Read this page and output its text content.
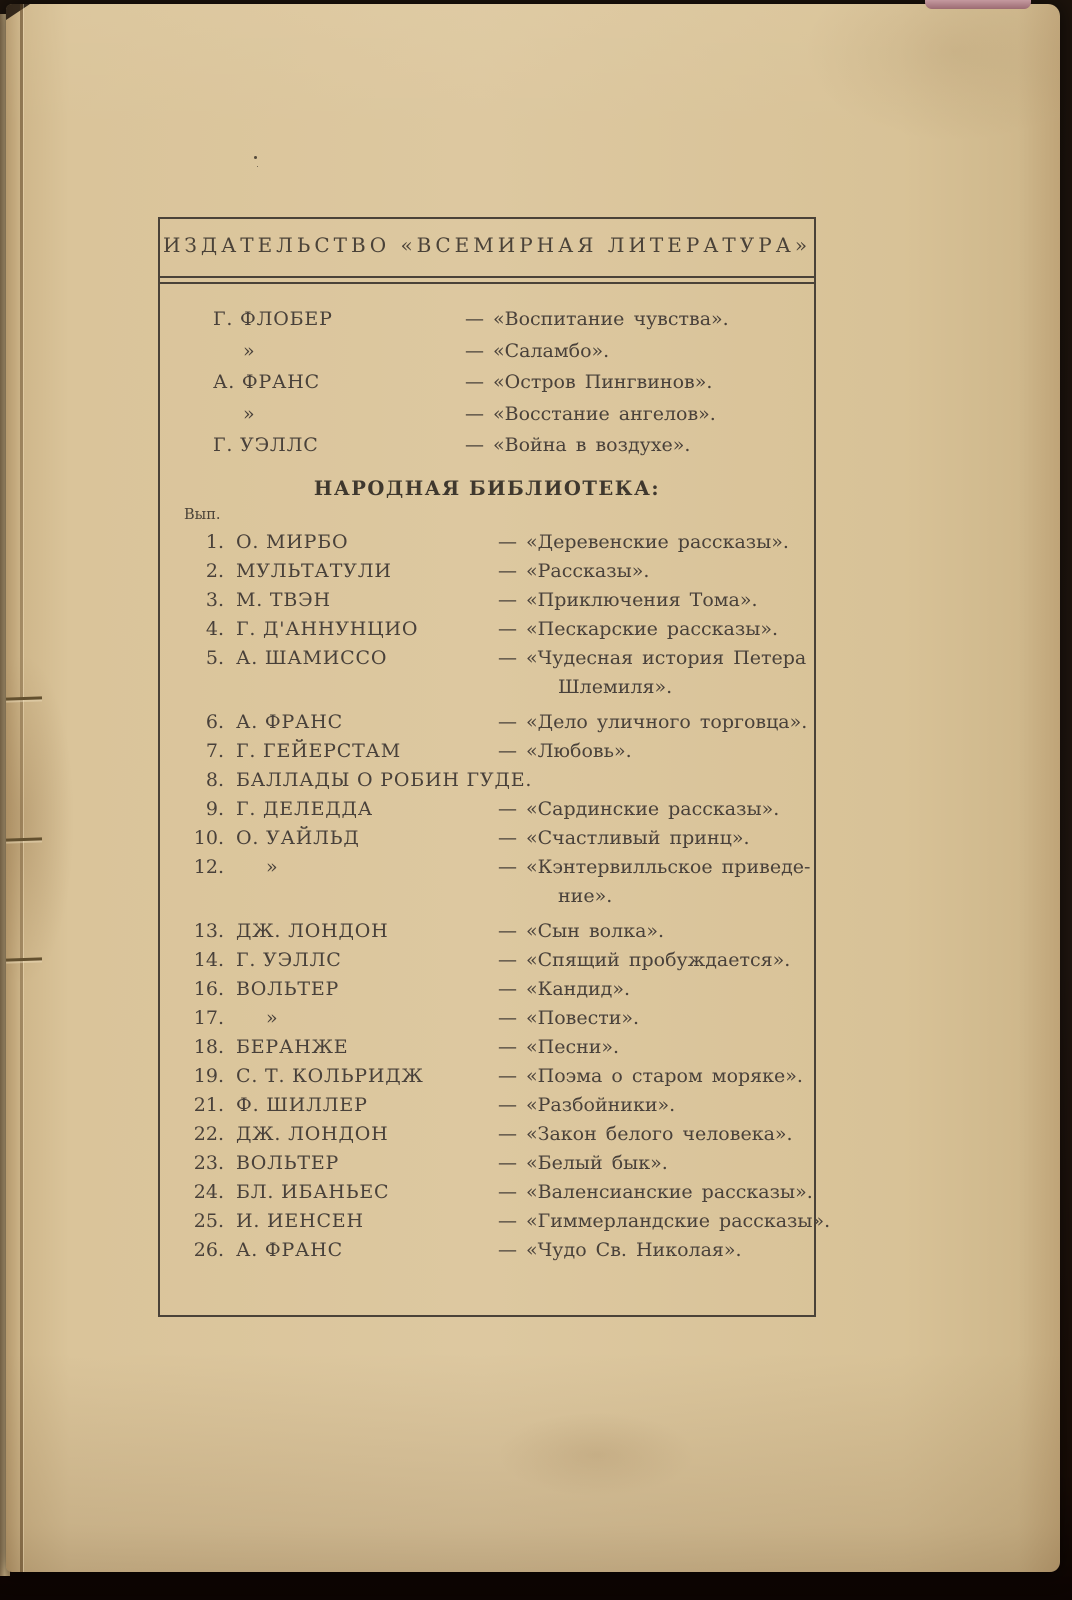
ИЗДАТЕЛЬСТВО «ВСЕМИРНАЯ ЛИТЕРАТУРА»
Г. ФЛОБЕР	— «Воспитание чувства».
»	— «Саламбо».
А. ФРАНС	— «Остров Пингвинов».
»	— «Восстание ангелов».
Г. УЭЛЛС	— «Война в воздухе».
НАРОДНАЯ БИБЛИОТЕКА:
Вып.
1. О. МИРБО	— «Деревенские рассказы».
2. МУЛЬТАТУЛИ	— «Рассказы».
3. М. ТВЭН	— «Приключения Тома».
4. Г. Д'АННУНЦИО	— «Пескарские рассказы».
5. А. ШАМИССО	— «Чудесная история Петера
Шлемиля».
6. А. ФРАНС	— «Дело уличного торговца».
7. Г. ГЕЙЕРСТАМ	— «Любовь».
8. БАЛЛАДЫ О РОБИН ГУДЕ.
9. Г. ДЕЛЕДДА	— «Сардинские рассказы».
10. О. УАЙЛЬД	— «Счастливый принц».
12.	»	— «Кэнтервилльское приведе-
ние».
13. ДЖ. ЛОНДОН	— «Сын волка».
14. Г. УЭЛЛС	— «Спящий пробуждается».
16. ВОЛЬТЕР	— «Кандид».
17.	»	— «Повести».
18. БЕРАНЖЕ	— «Песни».
19. С. Т. КОЛЬРИДЖ	— «Поэма о старом моряке».
21. Ф. ШИЛЛЕР	— «Разбойники».
22. ДЖ. ЛОНДОН	— «Закон белого человека».
23. ВОЛЬТЕР	— «Белый бык».
24. БЛ. ИБАНЬЕС	— «Валенсианские рассказы».
25. И. ИЕНСЕН	— «Гиммерландские рассказы».
26. А. ФРАНС	— «Чудо Св. Николая».
